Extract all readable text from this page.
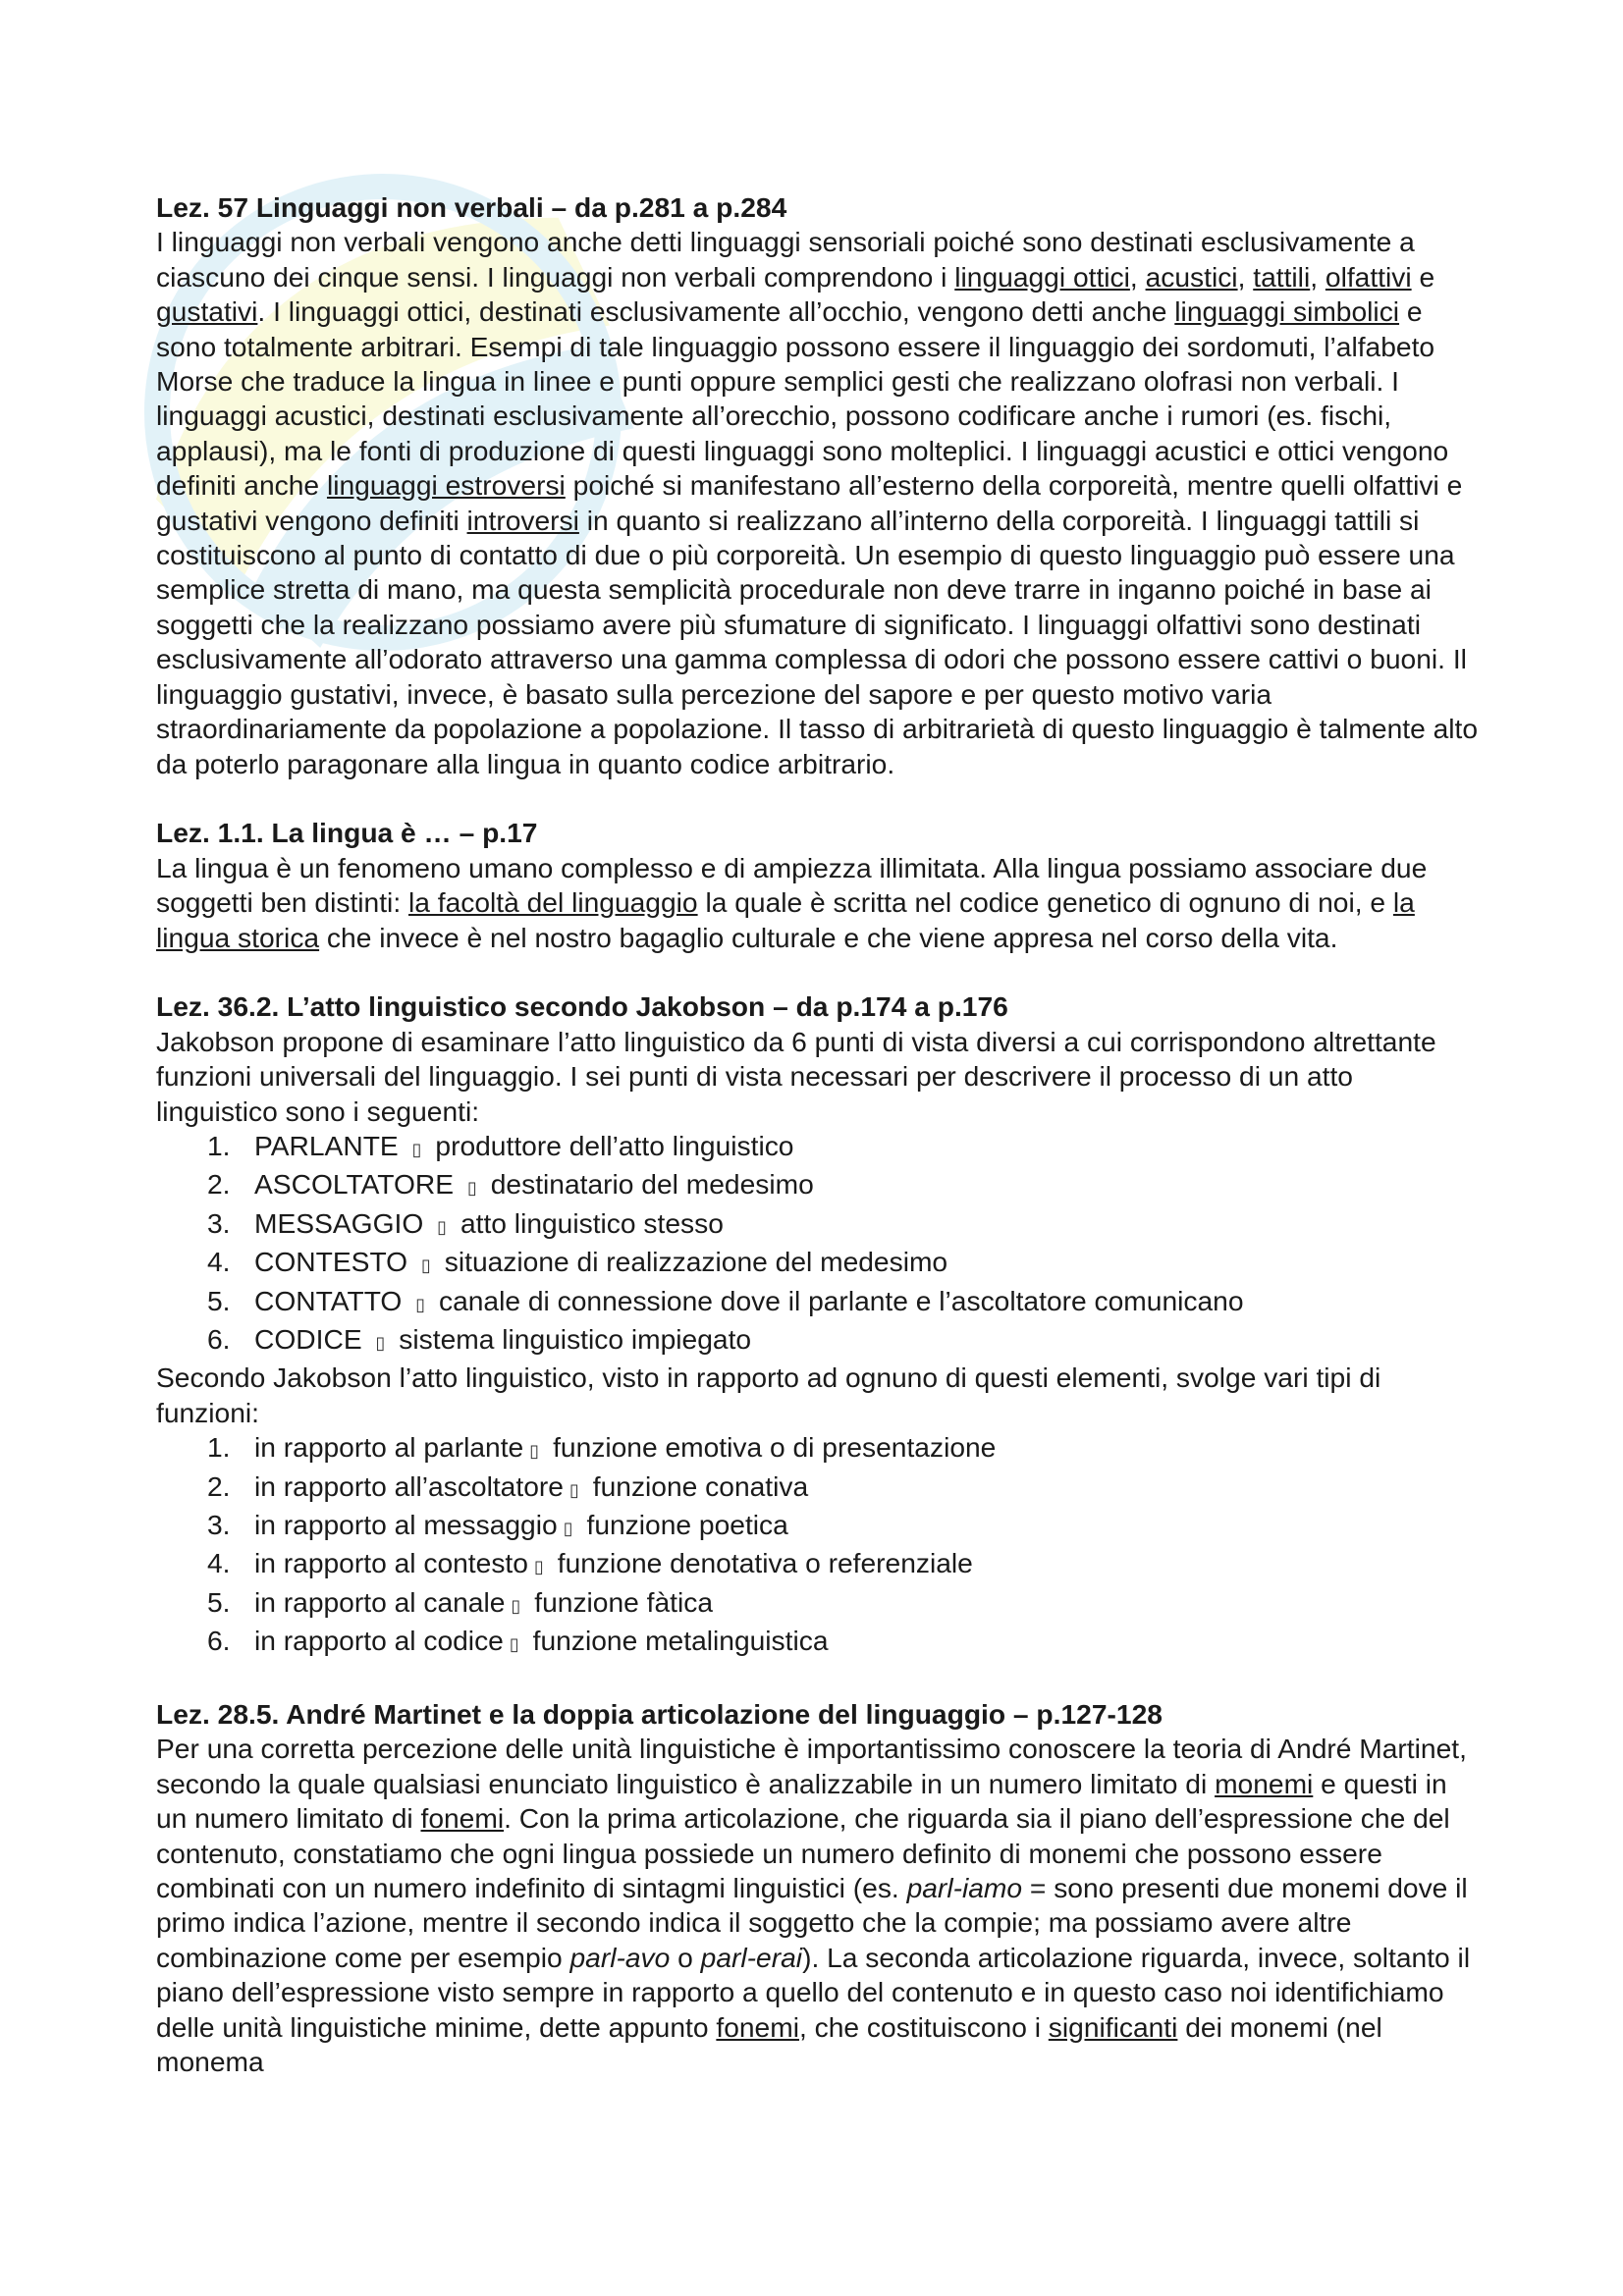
Lez. 57 Linguaggi non verbali – da p.281 a p.284
I linguaggi non verbali vengono anche detti linguaggi sensoriali poiché sono destinati esclusivamente a ciascuno dei cinque sensi. I linguaggi non verbali comprendono i linguaggi ottici, acustici, tattili, olfattivi e gustativi. I linguaggi ottici, destinati esclusivamente all’occhio, vengono detti anche linguaggi simbolici e sono totalmente arbitrari. Esempi di tale linguaggio possono essere il linguaggio dei sordomuti, l’alfabeto Morse che traduce la lingua in linee e punti oppure semplici gesti che realizzano olofrasi non verbali. I linguaggi acustici, destinati esclusivamente all’orecchio, possono codificare anche i rumori (es. fischi, applausi), ma le fonti di produzione di questi linguaggi sono molteplici. I linguaggi acustici e ottici vengono definiti anche linguaggi estroversi poiché si manifestano all’esterno della corporeità, mentre quelli olfattivi e gustativi vengono definiti introversi in quanto si realizzano all’interno della corporeità. I linguaggi tattili si costituiscono al punto di contatto di due o più corporeità. Un esempio di questo linguaggio può essere una semplice stretta di mano, ma questa semplicità procedurale non deve trarre in inganno poiché in base ai soggetti che la realizzano possiamo avere più sfumature di significato. I linguaggi olfattivi sono destinati esclusivamente all’odorato attraverso una gamma complessa di odori che possono essere cattivi o buoni. Il linguaggio gustativi, invece, è basato sulla percezione del sapore e per questo motivo varia straordinariamente da popolazione a popolazione. Il tasso di arbitrarietà di questo linguaggio è talmente alto da poterlo paragonare alla lingua in quanto codice arbitrario.
Lez. 1.1. La lingua è … – p.17
La lingua è un fenomeno umano complesso e di ampiezza illimitata. Alla lingua possiamo associare due soggetti ben distinti: la facoltà del linguaggio la quale è scritta nel codice genetico di ognuno di noi, e la lingua storica che invece è nel nostro bagaglio culturale e che viene appresa nel corso della vita.
Lez. 36.2. L’atto linguistico secondo Jakobson – da p.174 a p.176
Jakobson propone di esaminare l’atto linguistico da 6 punti di vista diversi a cui corrispondono altrettante funzioni universali del linguaggio. I sei punti di vista necessari per descrivere il processo di un atto linguistico sono i seguenti:
1. PARLANTE ▯ produttore dell’atto linguistico
2. ASCOLTATORE ▯ destinatario del medesimo
3. MESSAGGIO ▯ atto linguistico stesso
4. CONTESTO ▯ situazione di realizzazione del medesimo
5. CONTATTO ▯ canale di connessione dove il parlante e l’ascoltatore comunicano
6. CODICE ▯ sistema linguistico impiegato
Secondo Jakobson l’atto linguistico, visto in rapporto ad ognuno di questi elementi, svolge vari tipi di funzioni:
1. in rapporto al parlante ▯ funzione emotiva o di presentazione
2. in rapporto all’ascoltatore ▯ funzione conativa
3. in rapporto al messaggio ▯ funzione poetica
4. in rapporto al contesto ▯ funzione denotativa o referenziale
5. in rapporto al canale ▯ funzione fàtica
6. in rapporto al codice ▯ funzione metalinguistica
Lez. 28.5. André Martinet e la doppia articolazione del linguaggio – p.127-128
Per una corretta percezione delle unità linguistiche è importantissimo conoscere la teoria di André Martinet, secondo la quale qualsiasi enunciato linguistico è analizzabile in un numero limitato di monemi e questi in un numero limitato di fonemi. Con la prima articolazione, che riguarda sia il piano dell’espressione che del contenuto, constatiamo che ogni lingua possiede un numero definito di monemi che possono essere combinati con un numero indefinito di sintagmi linguistici (es. parl-iamo = sono presenti due monemi dove il primo indica l’azione, mentre il secondo indica il soggetto che la compie; ma possiamo avere altre combinazione come per esempio parl-avo o parl-erai). La seconda articolazione riguarda, invece, soltanto il piano dell’espressione visto sempre in rapporto a quello del contenuto e in questo caso noi identifichiamo delle unità linguistiche minime, dette appunto fonemi, che costituiscono i significanti dei monemi (nel monema
